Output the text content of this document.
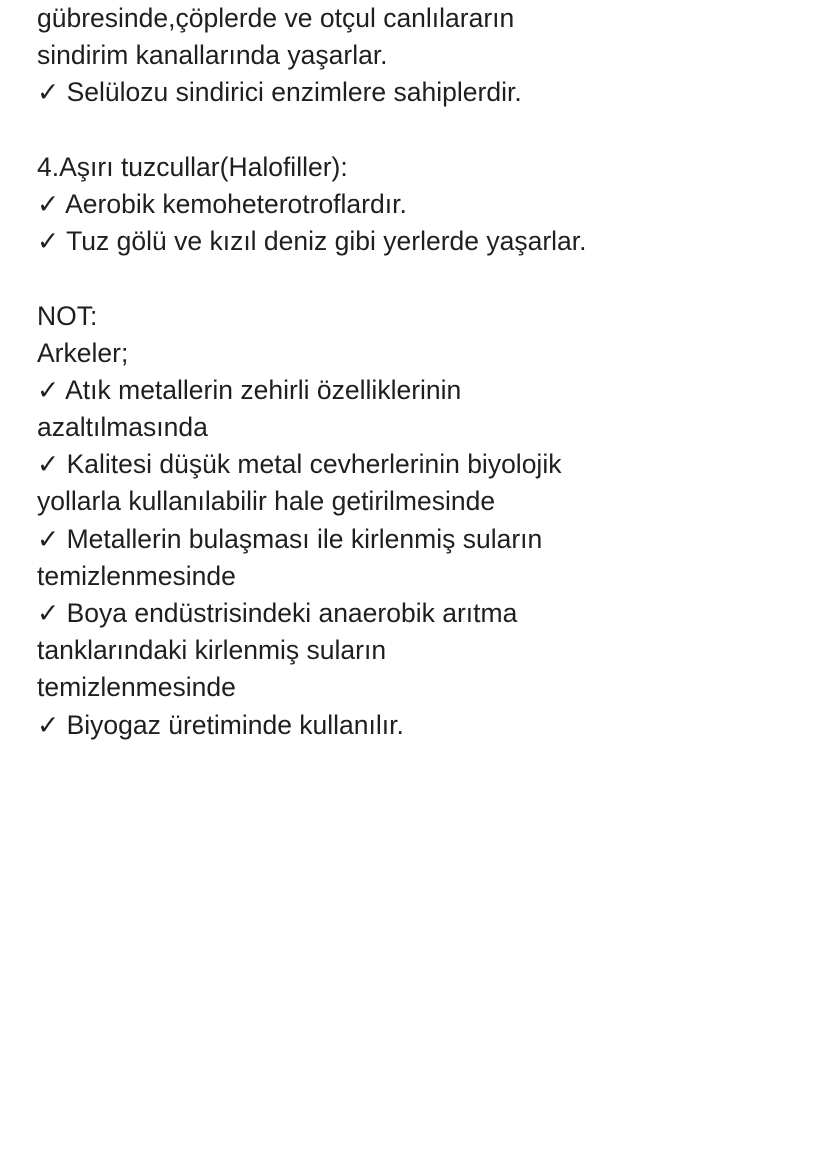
gübresinde,çöplerde ve otçul canlılararın
sindirim kanallarında yaşarlar.
✓ Selülozu sindirici enzimlere sahiplerdir.
4.Aşırı tuzcullar(Halofiller):
✓ Aerobik kemoheterotroflardır.
✓ Tuz gölü ve kızıl deniz gibi yerlerde yaşarlar.
NOT:
Arkeler;
✓ Atık metallerin zehirli özelliklerinin
azaltılmasında
✓ Kalitesi düşük metal cevherlerinin biyolojik
yollarla kullanılabilir hale getirilmesinde
✓ Metallerin bulaşması ile kirlenmiş suların
temizlenmesinde
✓ Boya endüstrisindeki anaerobik arıtma
tanklarındaki kirlenmiş suların
temizlenmesinde
✓ Biyogaz üretiminde kullanılır.
